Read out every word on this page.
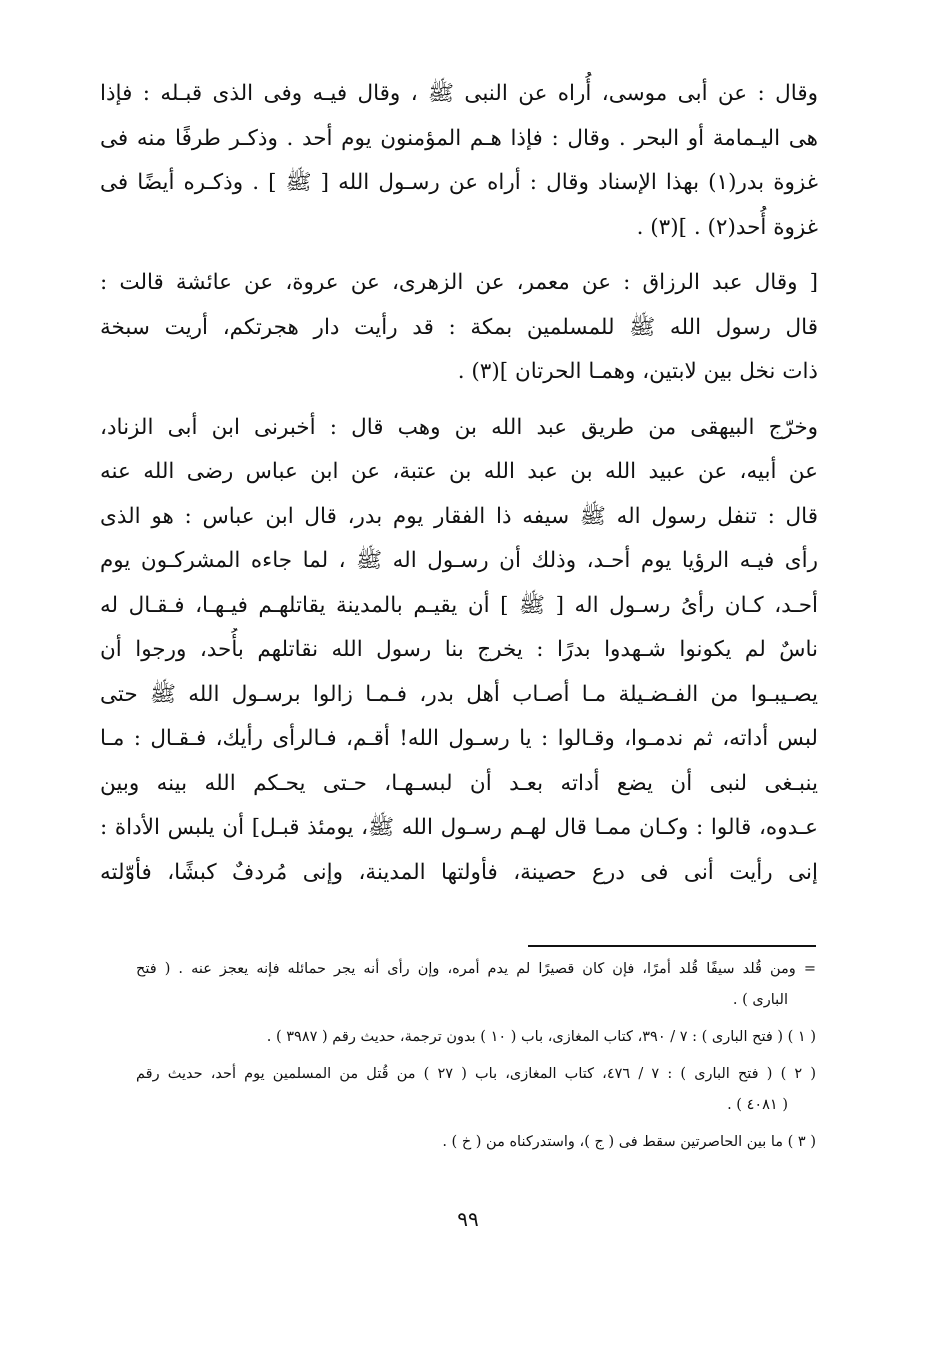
وقال : عن أبى موسى، أُراه عن النبى ﷺ ، وقال فيـه وفى الذى قبـله : فإذا
هى اليـمامة أو البحر . وقال : فإذا هـم المؤمنون يوم أحد . وذكـر طرفًا منه فى
غزوة بدر(١) بهذا الإسناد وقال : أراه عن رسـول الله [ ﷺ ] . وذكـره أيضًا فى
غزوة أُحد(٢) . ](٣) .
[ وقال عبد الرزاق : عن معمر، عن الزهرى، عن عروة، عن عائشة قالت :
قال رسول الله ﷺ للمسلمين بمكة : قد رأيت دار هجرتكم، أريت سبخة
ذات نخل بين لابتين، وهمـا الحرتان ](٣) .
وخرّج البيهقى من طريق عبد الله بن وهب قال : أخبرنى ابن أبى الزناد،
عن أبيه، عن عبيد الله بن عبد الله بن عتبة، عن ابن عباس رضى الله عنه
قال : تنفل رسول اله ﷺ سيفه ذا الفقار يوم بدر، قال ابن عباس : هو الذى
رأى فيـه الرؤيا يوم أحـد، وذلك أن رسـول اله ﷺ ، لما جاءه المشركـون يوم
أحـد، كـان رأىُ رسـول اله [ ﷺ ] أن يقيـم بالمدينة يقاتلهـم فيـهـا، فـقـال له
ناسٌ لم يكونوا شـهدوا بدرًا : يخرج بنا رسول الله نقاتلهم بأُحد، ورجوا أن
يصـيبـوا من الفـضـيلة مـا أصـاب أهل بدر، فـمـا زالوا برسـول الله ﷺ حتى
لبس أداته، ثم ندمـوا، وقـالوا : يا رسـول الله! أقـم، فـالرأى رأيك، فـقـال : مـا
ينبـغى لنبى أن يضع أداته بعـد أن لبسـهـا، حـتى يحـكم الله بينه وبين
عـدوه، قالوا : وكـان ممـا قال لهـم رسـول الله ﷺ، يومئذ قبـل] أن يلبس الأداة :
إنى رأيت أنى فى درع حصينة، فأولتها المدينة، وإنى مُردفٌ كبشًا، فأوّلته
= ومن قُلد سيفًا قُلد أمرًا، فإن كان قصيرًا لم يدم أمره، وإن رأى أنه يجر حمائله فإنه يعجز عنه . ( فتح
البارى ) .
( ١ ) ( فتح البارى ) : ٧ / ٣٩٠، كتاب المغازى، باب ( ١٠ ) بدون ترجمة، حديث رقم ( ٣٩٨٧ ) .
( ٢ ) ( فتح البارى ) : ٧ / ٤٧٦، كتاب المغازى، باب ( ٢٧ ) من قُتل من المسلمين يوم أحد، حديث رقم
( ٤٠٨١ ) .
( ٣ ) ما بين الحاصرتين سقط فى ( ج )، واستدركناه من ( خ ) .
٩٩
